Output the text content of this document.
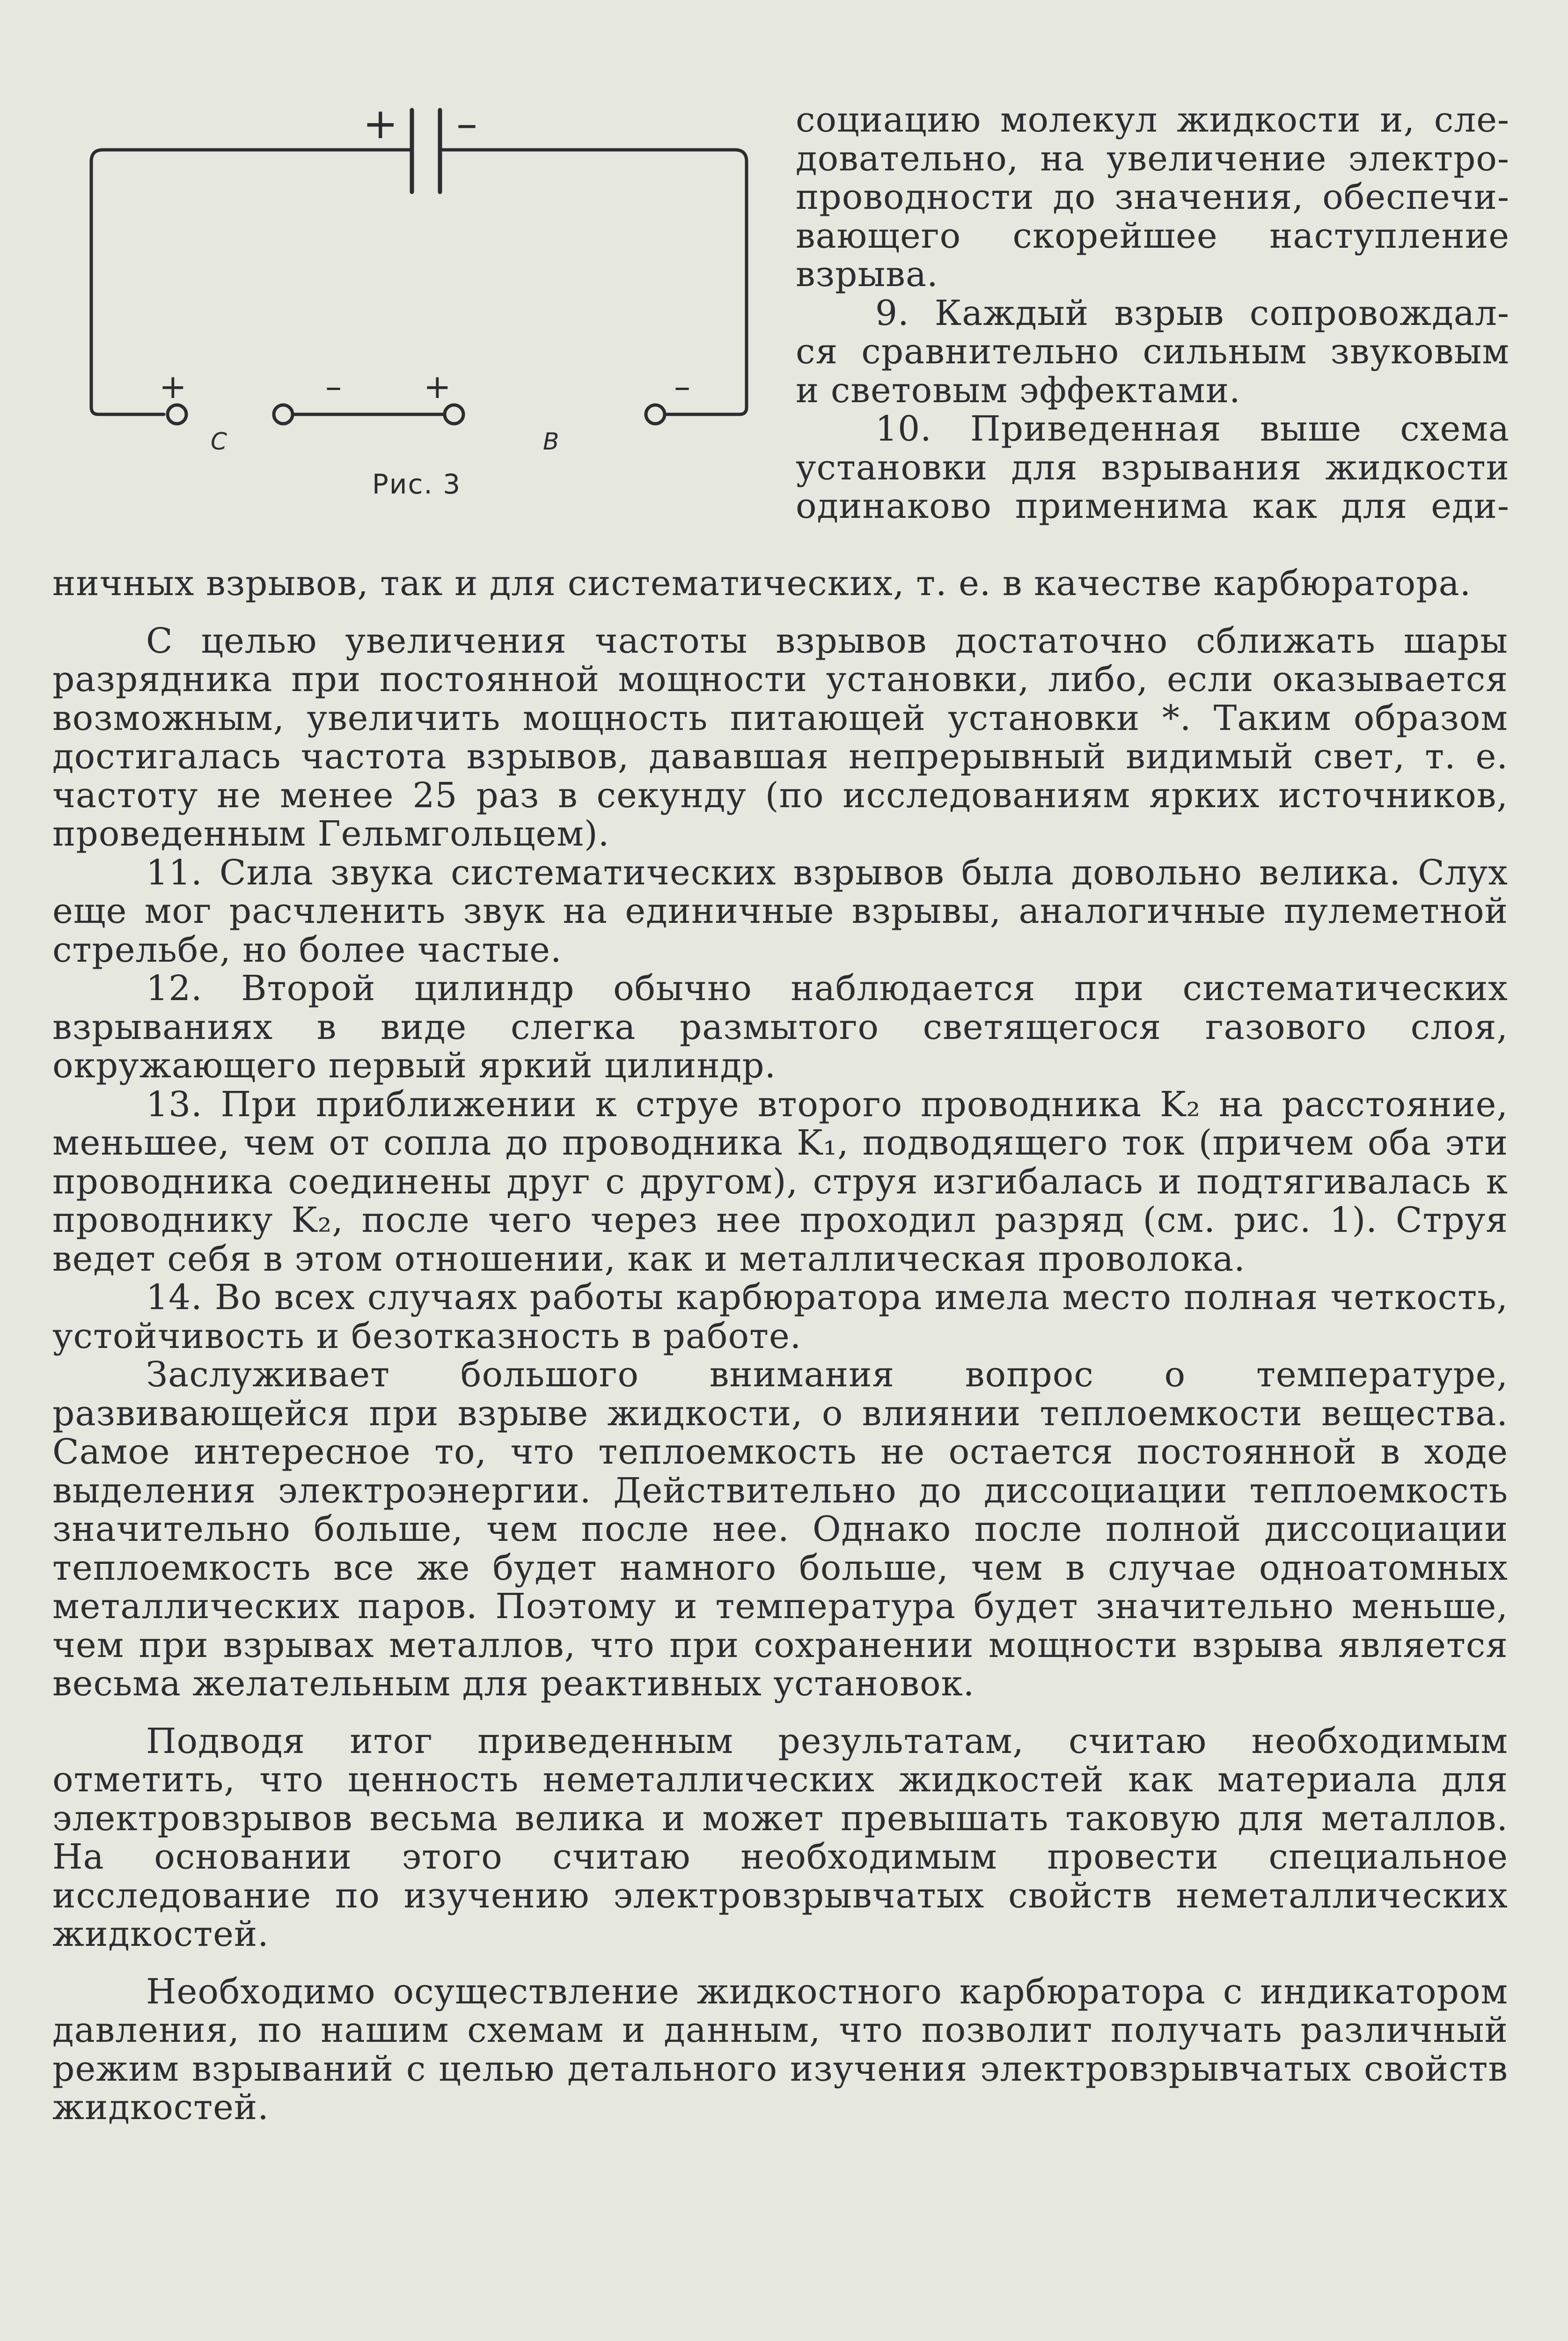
+ –
+
C
–	+
B
–
Рис. 3
социацию молекул жидкости и, сле-
довательно, на увеличение электро-
проводности до значения, обеспечи-
вающего скорейшее наступление
взрыва.
9. Каждый взрыв сопровождал-
ся сравнительно сильным звуковым
и световым эффектами.
10. Приведенная выше схема
установки для взрывания жидкости
одинаково применима как для еди-

ничных взрывов, так и для систематических, т. е. в качестве карбюратора.

С целью увеличения частоты взрывов достаточно сближать шары разрядника при постоянной мощности установки, либо, если оказывается возможным, увеличить мощность питающей установки *. Таким образом достигалась частота взрывов, дававшая непрерывный видимый свет, т. е. частоту не менее 25 раз в секунду (по исследованиям ярких источников, проведенным Гельмгольцем).

11. Сила звука систематических взрывов была довольно велика. Слух еще мог расчленить звук на единичные взрывы, аналогичные пулеметной стрельбе, но более частые.

12. Второй цилиндр обычно наблюдается при систематических взрываниях в виде слегка размытого светящегося газового слоя, окружающего первый яркий цилиндр.

13. При приближении к струе второго проводника K₂ на расстояние, меньшее, чем от сопла до проводника K₁, подводящего ток (причем оба эти проводника соединены друг с другом), струя изгибалась и подтягивалась к проводнику K₂, после чего через нее проходил разряд (см. рис. 1). Струя ведет себя в этом отношении, как и металлическая проволока.

14. Во всех случаях работы карбюратора имела место полная четкость, устойчивость и безотказность в работе.

Заслуживает большого внимания вопрос о температуре, развивающейся при взрыве жидкости, о влиянии теплоемкости вещества. Самое интересное то, что теплоемкость не остается постоянной в ходе выделения электроэнергии. Действительно до диссоциации теплоемкость значительно больше, чем после нее. Однако после полной диссоциации теплоемкость все же будет намного больше, чем в случае одноатомных металлических паров. Поэтому и температура будет значительно меньше, чем при взрывах металлов, что при сохранении мощности взрыва является весьма желательным для реактивных установок.

Подводя итог приведенным результатам, считаю необходимым отметить, что ценность неметаллических жидкостей как материала для электровзрывов весьма велика и может превышать таковую для металлов. На основании этого считаю необходимым провести специальное исследование по изучению электровзрывчатых свойств неметаллических жидкостей.

Необходимо осуществление жидкостного карбюратора с индикатором давления, по нашим схемам и данным, что позволит получать различный режим взрываний с целью детального изучения электровзрывчатых свойств жидкостей.
